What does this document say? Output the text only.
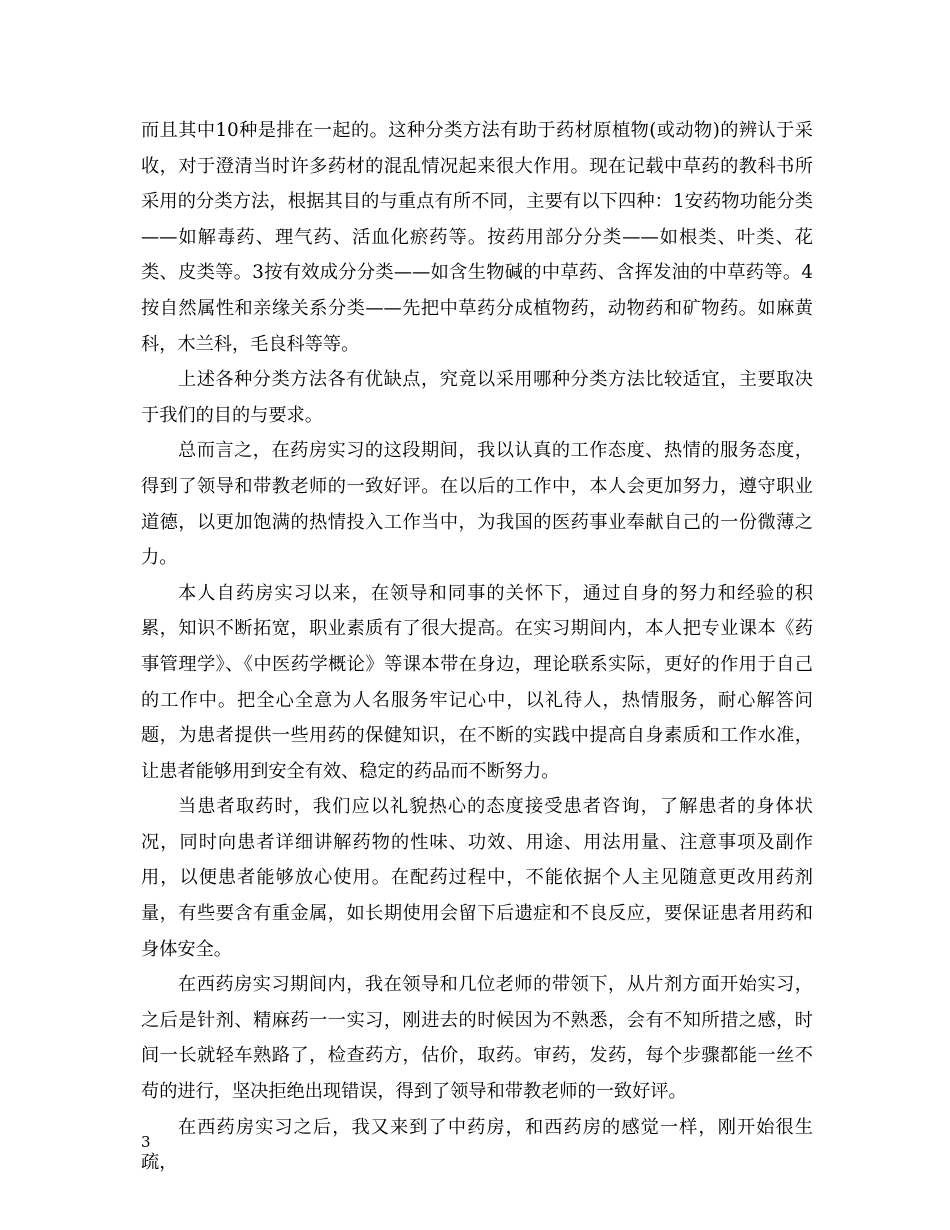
而且其中10种是排在一起的。这种分类方法有助于药材原植物(或动物)的辨认于采收，对于澄清当时许多药材的混乱情况起来很大作用。现在记载中草药的教科书所采用的分类方法，根据其目的与重点有所不同，主要有以下四种：1安药物功能分类——如解毒药、理气药、活血化瘀药等。按药用部分分类——如根类、叶类、花类、皮类等。3按有效成分分类——如含生物碱的中草药、含挥发油的中草药等。4按自然属性和亲缘关系分类——先把中草药分成植物药，动物药和矿物药。如麻黄科，木兰科，毛良科等等。

上述各种分类方法各有优缺点，究竟以采用哪种分类方法比较适宜，主要取决于我们的目的与要求。

总而言之，在药房实习的这段期间，我以认真的工作态度、热情的服务态度，得到了领导和带教老师的一致好评。在以后的工作中，本人会更加努力，遵守职业道德，以更加饱满的热情投入工作当中，为我国的医药事业奉献自己的一份微薄之力。

本人自药房实习以来，在领导和同事的关怀下，通过自身的努力和经验的积累，知识不断拓宽，职业素质有了很大提高。在实习期间内，本人把专业课本《药事管理学》、《中医药学概论》等课本带在身边，理论联系实际，更好的作用于自己的工作中。把全心全意为人名服务牢记心中，以礼待人，热情服务，耐心解答问题，为患者提供一些用药的保健知识，在不断的实践中提高自身素质和工作水准，让患者能够用到安全有效、稳定的药品而不断努力。

当患者取药时，我们应以礼貌热心的态度接受患者咨询，了解患者的身体状况，同时向患者详细讲解药物的性味、功效、用途、用法用量、注意事项及副作用，以便患者能够放心使用。在配药过程中，不能依据个人主见随意更改用药剂量，有些要含有重金属，如长期使用会留下后遗症和不良反应，要保证患者用药和身体安全。

在西药房实习期间内，我在领导和几位老师的带领下，从片剂方面开始实习，之后是针剂、精麻药一一实习，刚进去的时候因为不熟悉，会有不知所措之感，时间一长就轻车熟路了，检查药方，估价，取药。审药，发药，每个步骤都能一丝不苟的进行，坚决拒绝出现错误，得到了领导和带教老师的一致好评。

在西药房实习之后，我又来到了中药房，和西药房的感觉一样，刚开始很生疏，

3
